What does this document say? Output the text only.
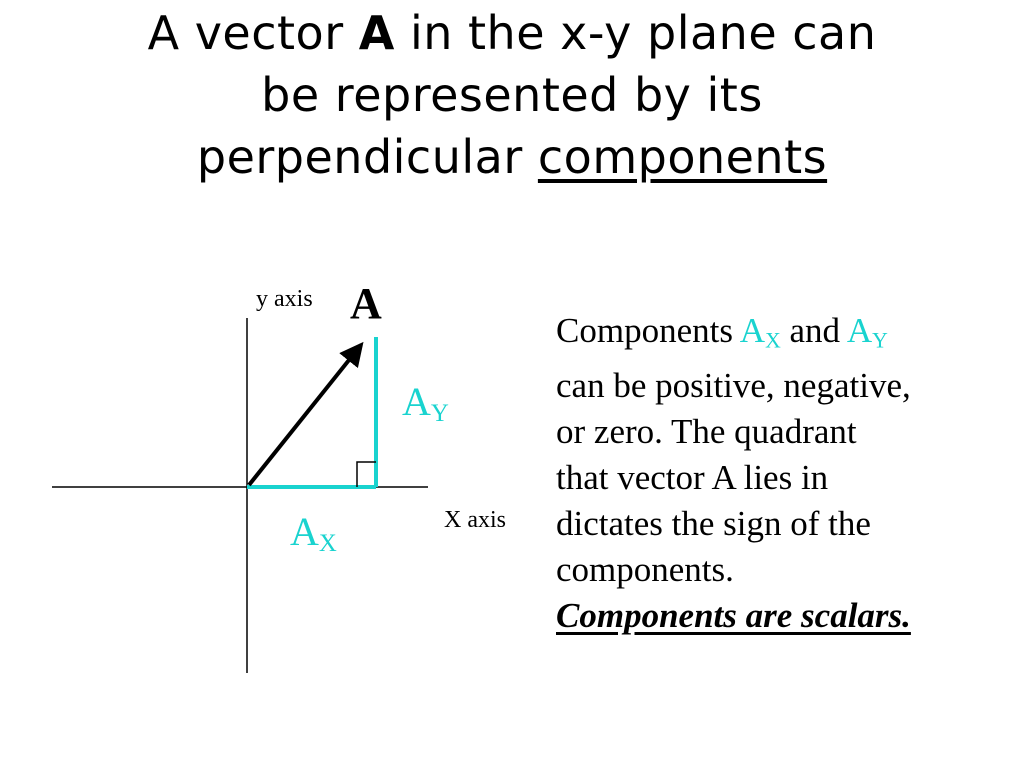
A vector A in the x-y plane can
be represented by its
perpendicular components
y axis
X axis
A
$A_Y$
$A_X$
Components $A_X$ and $A_Y$
can be positive, negative,
or zero. The quadrant
that vector A lies in
dictates the sign of the
components.
Components are scalars.
